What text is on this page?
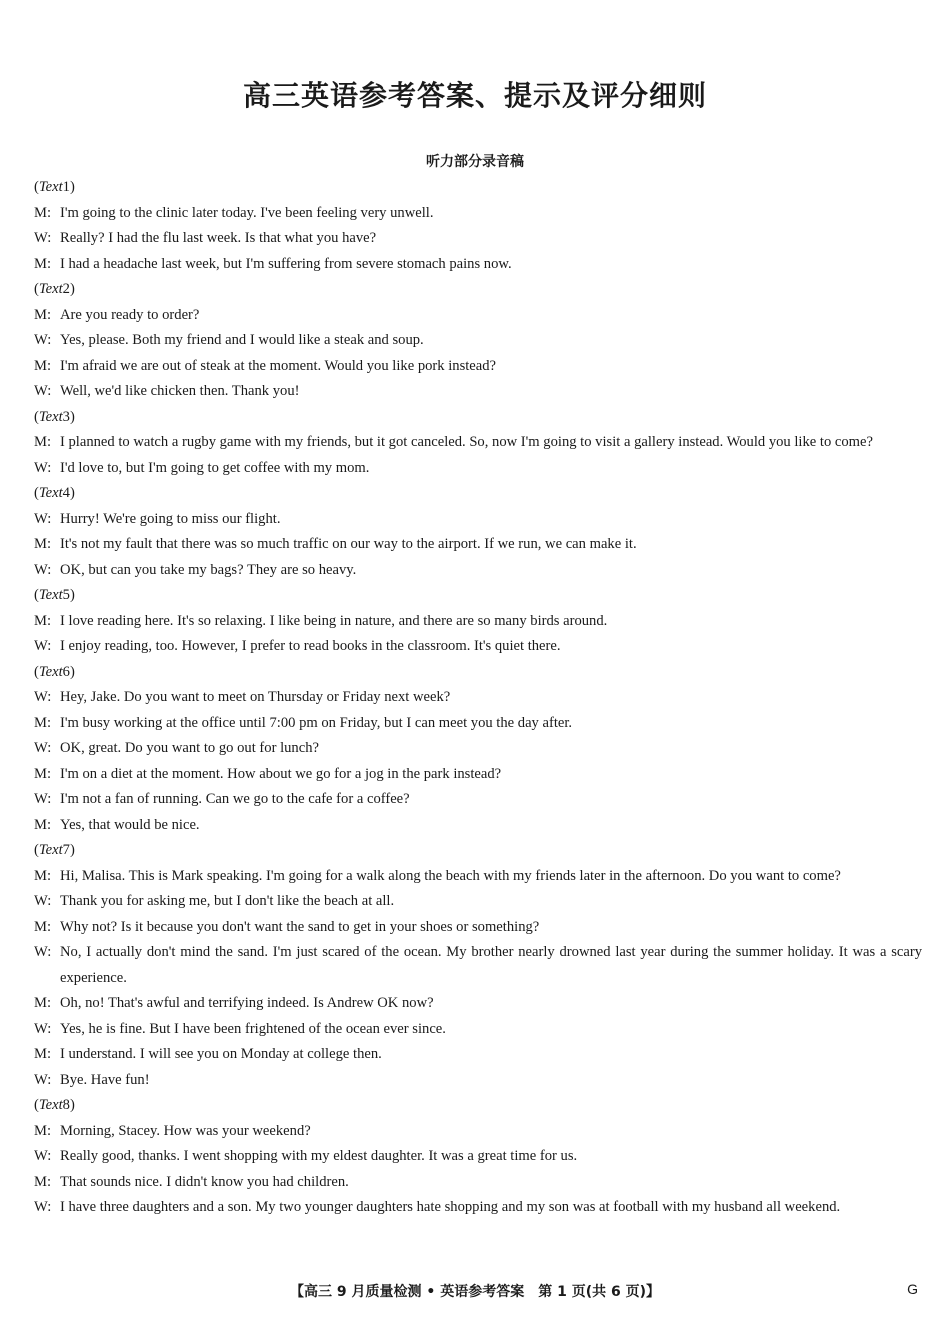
高三英语参考答案、提示及评分细则
听力部分录音稿
( Text 1 )
M: I'm going to the clinic later today. I've been feeling very unwell.
W: Really? I had the flu last week. Is that what you have?
M: I had a headache last week, but I'm suffering from severe stomach pains now.
( Text 2 )
M: Are you ready to order?
W: Yes, please. Both my friend and I would like a steak and soup.
M: I'm afraid we are out of steak at the moment. Would you like pork instead?
W: Well, we'd like chicken then. Thank you!
( Text 3 )
M: I planned to watch a rugby game with my friends, but it got canceled. So, now I'm going to visit a gallery instead. Would you like to come?
W: I'd love to, but I'm going to get coffee with my mom.
( Text 4 )
W: Hurry! We're going to miss our flight.
M: It's not my fault that there was so much traffic on our way to the airport. If we run, we can make it.
W: OK, but can you take my bags? They are so heavy.
( Text 5 )
M: I love reading here. It's so relaxing. I like being in nature, and there are so many birds around.
W: I enjoy reading, too. However, I prefer to read books in the classroom. It's quiet there.
( Text 6 )
W: Hey, Jake. Do you want to meet on Thursday or Friday next week?
M: I'm busy working at the office until 7:00 pm on Friday, but I can meet you the day after.
W: OK, great. Do you want to go out for lunch?
M: I'm on a diet at the moment. How about we go for a jog in the park instead?
W: I'm not a fan of running. Can we go to the cafe for a coffee?
M: Yes, that would be nice.
( Text 7 )
M: Hi, Malisa. This is Mark speaking. I'm going for a walk along the beach with my friends later in the afternoon. Do you want to come?
W: Thank you for asking me, but I don't like the beach at all.
M: Why not? Is it because you don't want the sand to get in your shoes or something?
W: No, I actually don't mind the sand. I'm just scared of the ocean. My brother nearly drowned last year during the summer holiday. It was a scary experience.
M: Oh, no! That's awful and terrifying indeed. Is Andrew OK now?
W: Yes, he is fine. But I have been frightened of the ocean ever since.
M: I understand. I will see you on Monday at college then.
W: Bye. Have fun!
( Text 8 )
M: Morning, Stacey. How was your weekend?
W: Really good, thanks. I went shopping with my eldest daughter. It was a great time for us.
M: That sounds nice. I didn't know you had children.
W: I have three daughters and a son. My two younger daughters hate shopping and my son was at football with my husband all weekend.
【高三 9 月质量检测 • 英语参考答案　第 1 页(共 6 页)】	G
